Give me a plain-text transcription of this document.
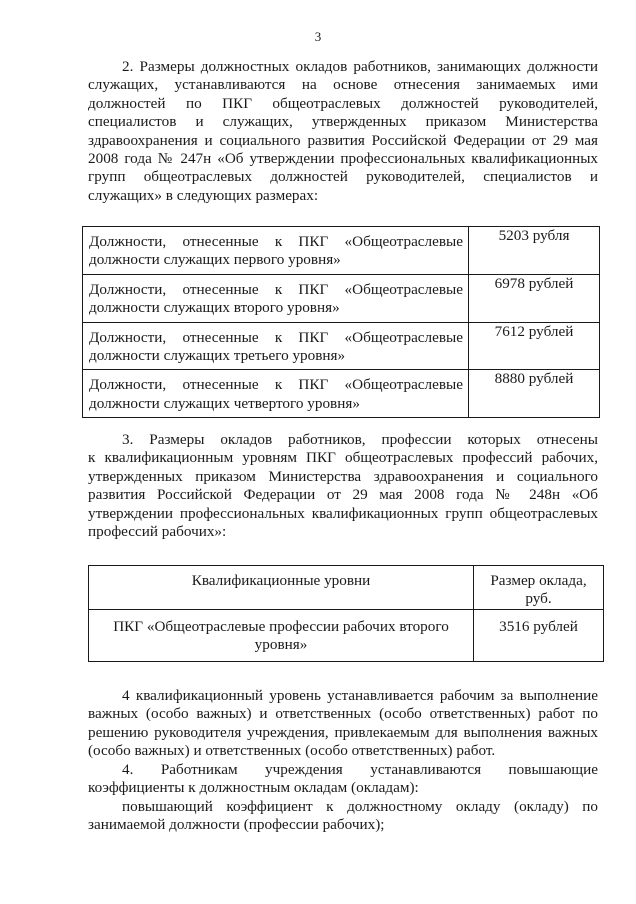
3
2. Размеры должностных окладов работников, занимающих должности
служащих, устанавливаются на основе отнесения занимаемых ими
должностей по ПКГ общеотраслевых должностей руководителей,
специалистов и служащих, утвержденных приказом Министерства
здравоохранения и социального развития Российской Федерации от 29 мая
2008 года № 247н «Об утверждении профессиональных квалификационных
групп общеотраслевых должностей руководителей, специалистов и
служащих» в следующих размерах:
Должности, отнесенные к ПКГ «Общеотраслевые
должности служащих первого уровня»	5203 рубля

Должности, отнесенные к ПКГ «Общеотраслевые
должности служащих второго уровня»	6978 рублей

Должности, отнесенные к ПКГ «Общеотраслевые
должности служащих третьего уровня»	7612 рублей

Должности, отнесенные к ПКГ «Общеотраслевые
должности служащих четвертого уровня»	8880 рублей
3. Размеры окладов работников, профессии которых отнесены
к квалификационным уровням ПКГ общеотраслевых профессий рабочих,
утвержденных приказом Министерства здравоохранения и социального
развития Российской Федерации от 29 мая 2008 года № 248н «Об
утверждении профессиональных квалификационных групп общеотраслевых
профессий рабочих»:
Квалификационные уровни	Размер оклада,
руб.

ПКГ «Общеотраслевые профессии рабочих второго
уровня»	3516 рублей
4 квалификационный уровень устанавливается рабочим за выполнение
важных (особо важных) и ответственных (особо ответственных) работ по
решению руководителя учреждения, привлекаемым для выполнения важных
(особо важных) и ответственных (особо ответственных) работ.
4. Работникам учреждения устанавливаются повышающие
коэффициенты к должностным окладам (окладам):
повышающий коэффициент к должностному окладу (окладу) по
занимаемой должности (профессии рабочих);
